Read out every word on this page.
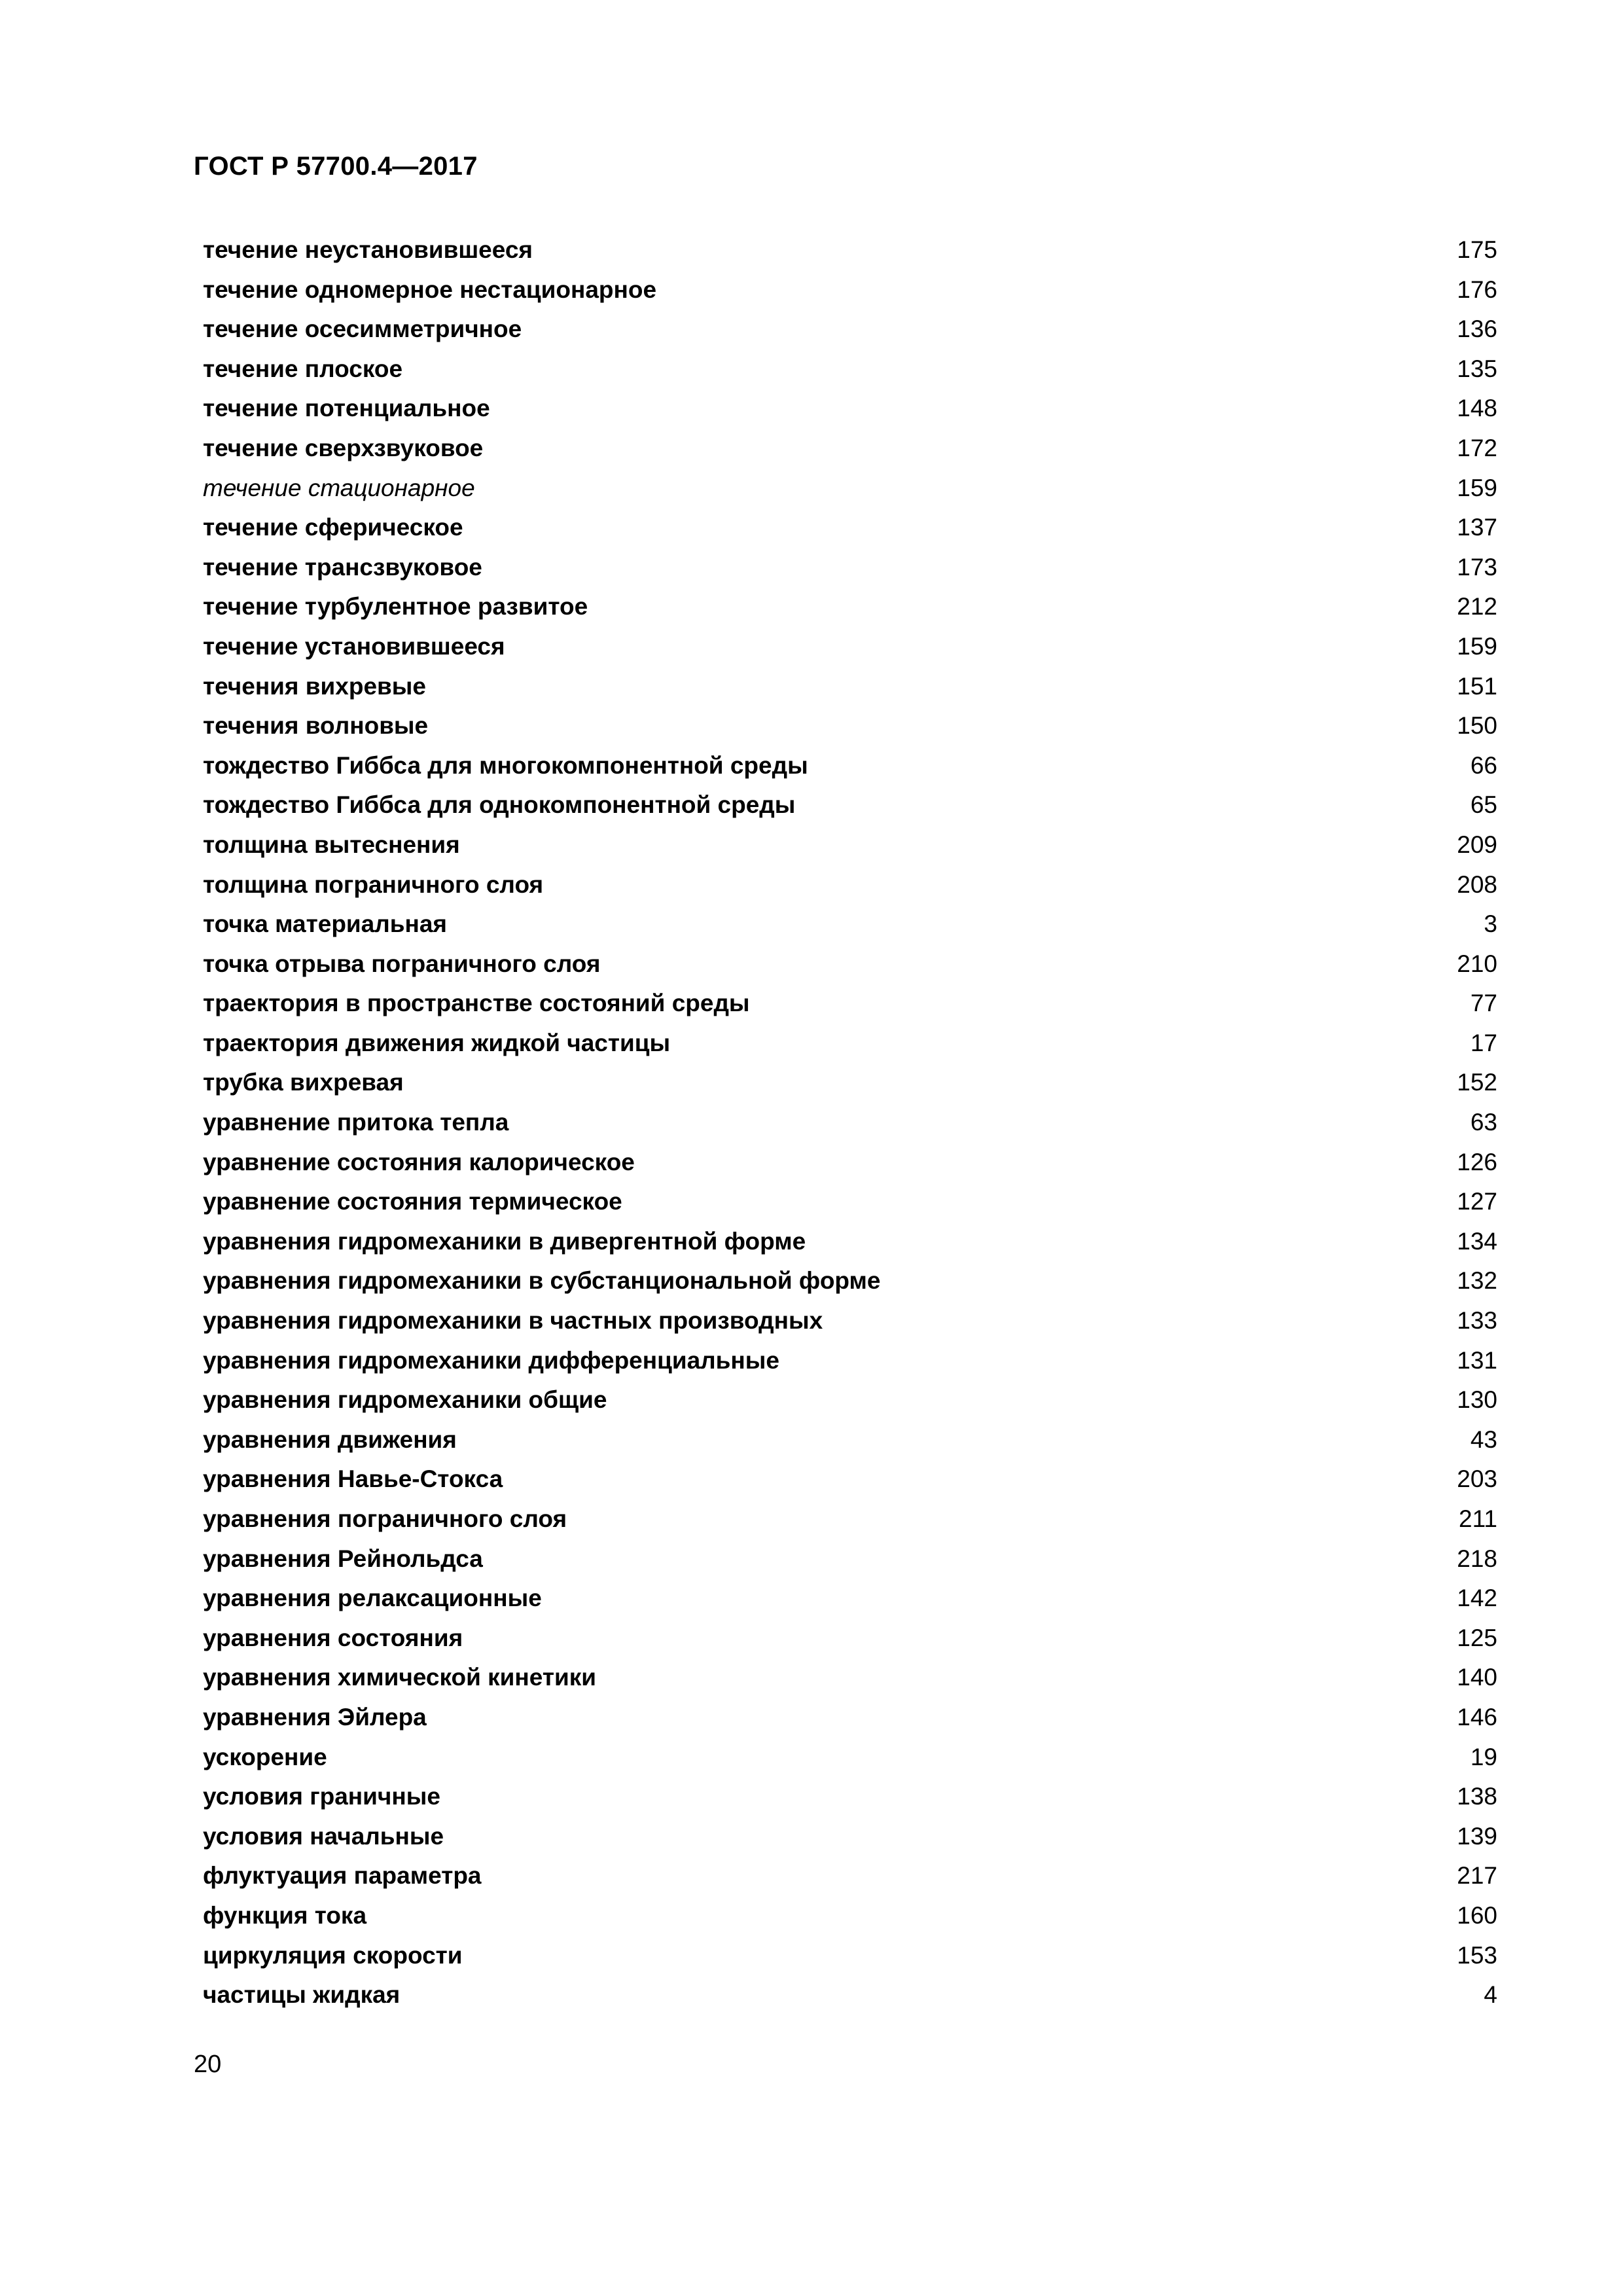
ГОСТ Р 57700.4—2017
течение неустановившееся	175
течение одномерное нестационарное	176
течение осесимметричное	136
течение плоское	135
течение потенциальное	148
течение сверхзвуковое	172
течение стационарное	159
течение сферическое	137
течение трансзвуковое	173
течение турбулентное развитое	212
течение установившееся	159
течения вихревые	151
течения волновые	150
тождество Гиббса для многокомпонентной среды	66
тождество Гиббса для однокомпонентной среды	65
толщина вытеснения	209
толщина пограничного слоя	208
точка материальная	3
точка отрыва пограничного слоя	210
траектория в пространстве состояний среды	77
траектория движения жидкой частицы	17
трубка вихревая	152
уравнение притока тепла	63
уравнение состояния калорическое	126
уравнение состояния термическое	127
уравнения гидромеханики в дивергентной форме	134
уравнения гидромеханики в субстанциональной форме	132
уравнения гидромеханики в частных производных	133
уравнения гидромеханики дифференциальные	131
уравнения гидромеханики общие	130
уравнения движения	43
уравнения Навье-Стокса	203
уравнения пограничного слоя	211
уравнения Рейнольдса	218
уравнения релаксационные	142
уравнения состояния	125
уравнения химической кинетики	140
уравнения Эйлера	146
ускорение	19
условия граничные	138
условия начальные	139
флуктуация параметра	217
функция тока	160
циркуляция скорости	153
частицы жидкая	4
20
